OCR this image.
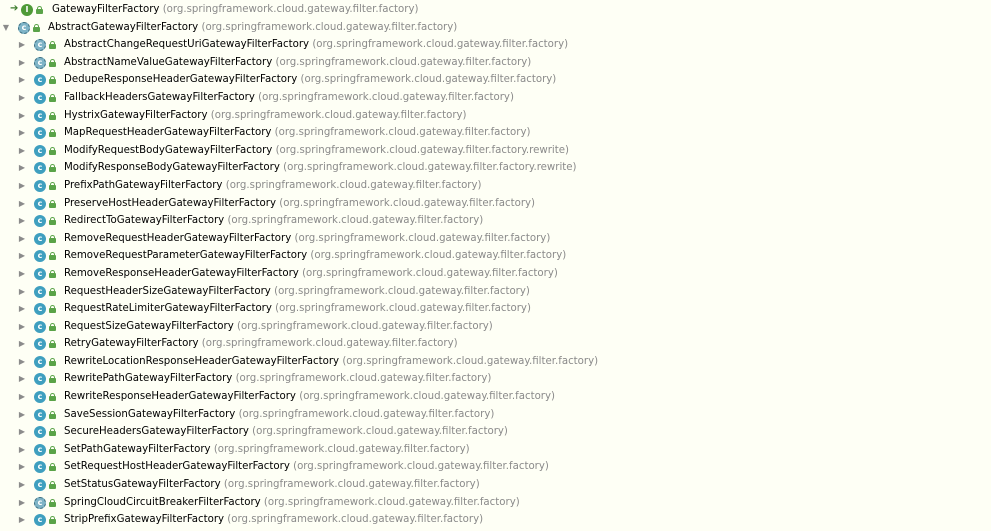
➔ I	GatewayFilterFactory (org.springframework.cloud.gateway.filter.factory)
▼	c	AbstractGatewayFilterFactory (org.springframework.cloud.gateway.filter.factory)
▶	c	AbstractChangeRequestUriGatewayFilterFactory (org.springframework.cloud.gateway.filter.factory)
▶	c	AbstractNameValueGatewayFilterFactory (org.springframework.cloud.gateway.filter.factory)
▶	c	DedupeResponseHeaderGatewayFilterFactory (org.springframework.cloud.gateway.filter.factory)
▶	c	FallbackHeadersGatewayFilterFactory (org.springframework.cloud.gateway.filter.factory)
▶	c	HystrixGatewayFilterFactory (org.springframework.cloud.gateway.filter.factory)
▶	c	MapRequestHeaderGatewayFilterFactory (org.springframework.cloud.gateway.filter.factory)
▶	c	ModifyRequestBodyGatewayFilterFactory (org.springframework.cloud.gateway.filter.factory.rewrite)
▶	c	ModifyResponseBodyGatewayFilterFactory (org.springframework.cloud.gateway.filter.factory.rewrite)
▶	c	PrefixPathGatewayFilterFactory (org.springframework.cloud.gateway.filter.factory)
▶	c	PreserveHostHeaderGatewayFilterFactory (org.springframework.cloud.gateway.filter.factory)
▶	c	RedirectToGatewayFilterFactory (org.springframework.cloud.gateway.filter.factory)
▶	c	RemoveRequestHeaderGatewayFilterFactory (org.springframework.cloud.gateway.filter.factory)
▶	c	RemoveRequestParameterGatewayFilterFactory (org.springframework.cloud.gateway.filter.factory)
▶	c	RemoveResponseHeaderGatewayFilterFactory (org.springframework.cloud.gateway.filter.factory)
▶	c	RequestHeaderSizeGatewayFilterFactory (org.springframework.cloud.gateway.filter.factory)
▶	c	RequestRateLimiterGatewayFilterFactory (org.springframework.cloud.gateway.filter.factory)
▶	c	RequestSizeGatewayFilterFactory (org.springframework.cloud.gateway.filter.factory)
▶	c	RetryGatewayFilterFactory (org.springframework.cloud.gateway.filter.factory)
▶	c	RewriteLocationResponseHeaderGatewayFilterFactory (org.springframework.cloud.gateway.filter.factory)
▶	c	RewritePathGatewayFilterFactory (org.springframework.cloud.gateway.filter.factory)
▶	c	RewriteResponseHeaderGatewayFilterFactory (org.springframework.cloud.gateway.filter.factory)
▶	c	SaveSessionGatewayFilterFactory (org.springframework.cloud.gateway.filter.factory)
▶	c	SecureHeadersGatewayFilterFactory (org.springframework.cloud.gateway.filter.factory)
▶	c	SetPathGatewayFilterFactory (org.springframework.cloud.gateway.filter.factory)
▶	c	SetRequestHostHeaderGatewayFilterFactory (org.springframework.cloud.gateway.filter.factory)
▶	c	SetStatusGatewayFilterFactory (org.springframework.cloud.gateway.filter.factory)
▶	c	SpringCloudCircuitBreakerFilterFactory (org.springframework.cloud.gateway.filter.factory)
▶	c	StripPrefixGatewayFilterFactory (org.springframework.cloud.gateway.filter.factory)
